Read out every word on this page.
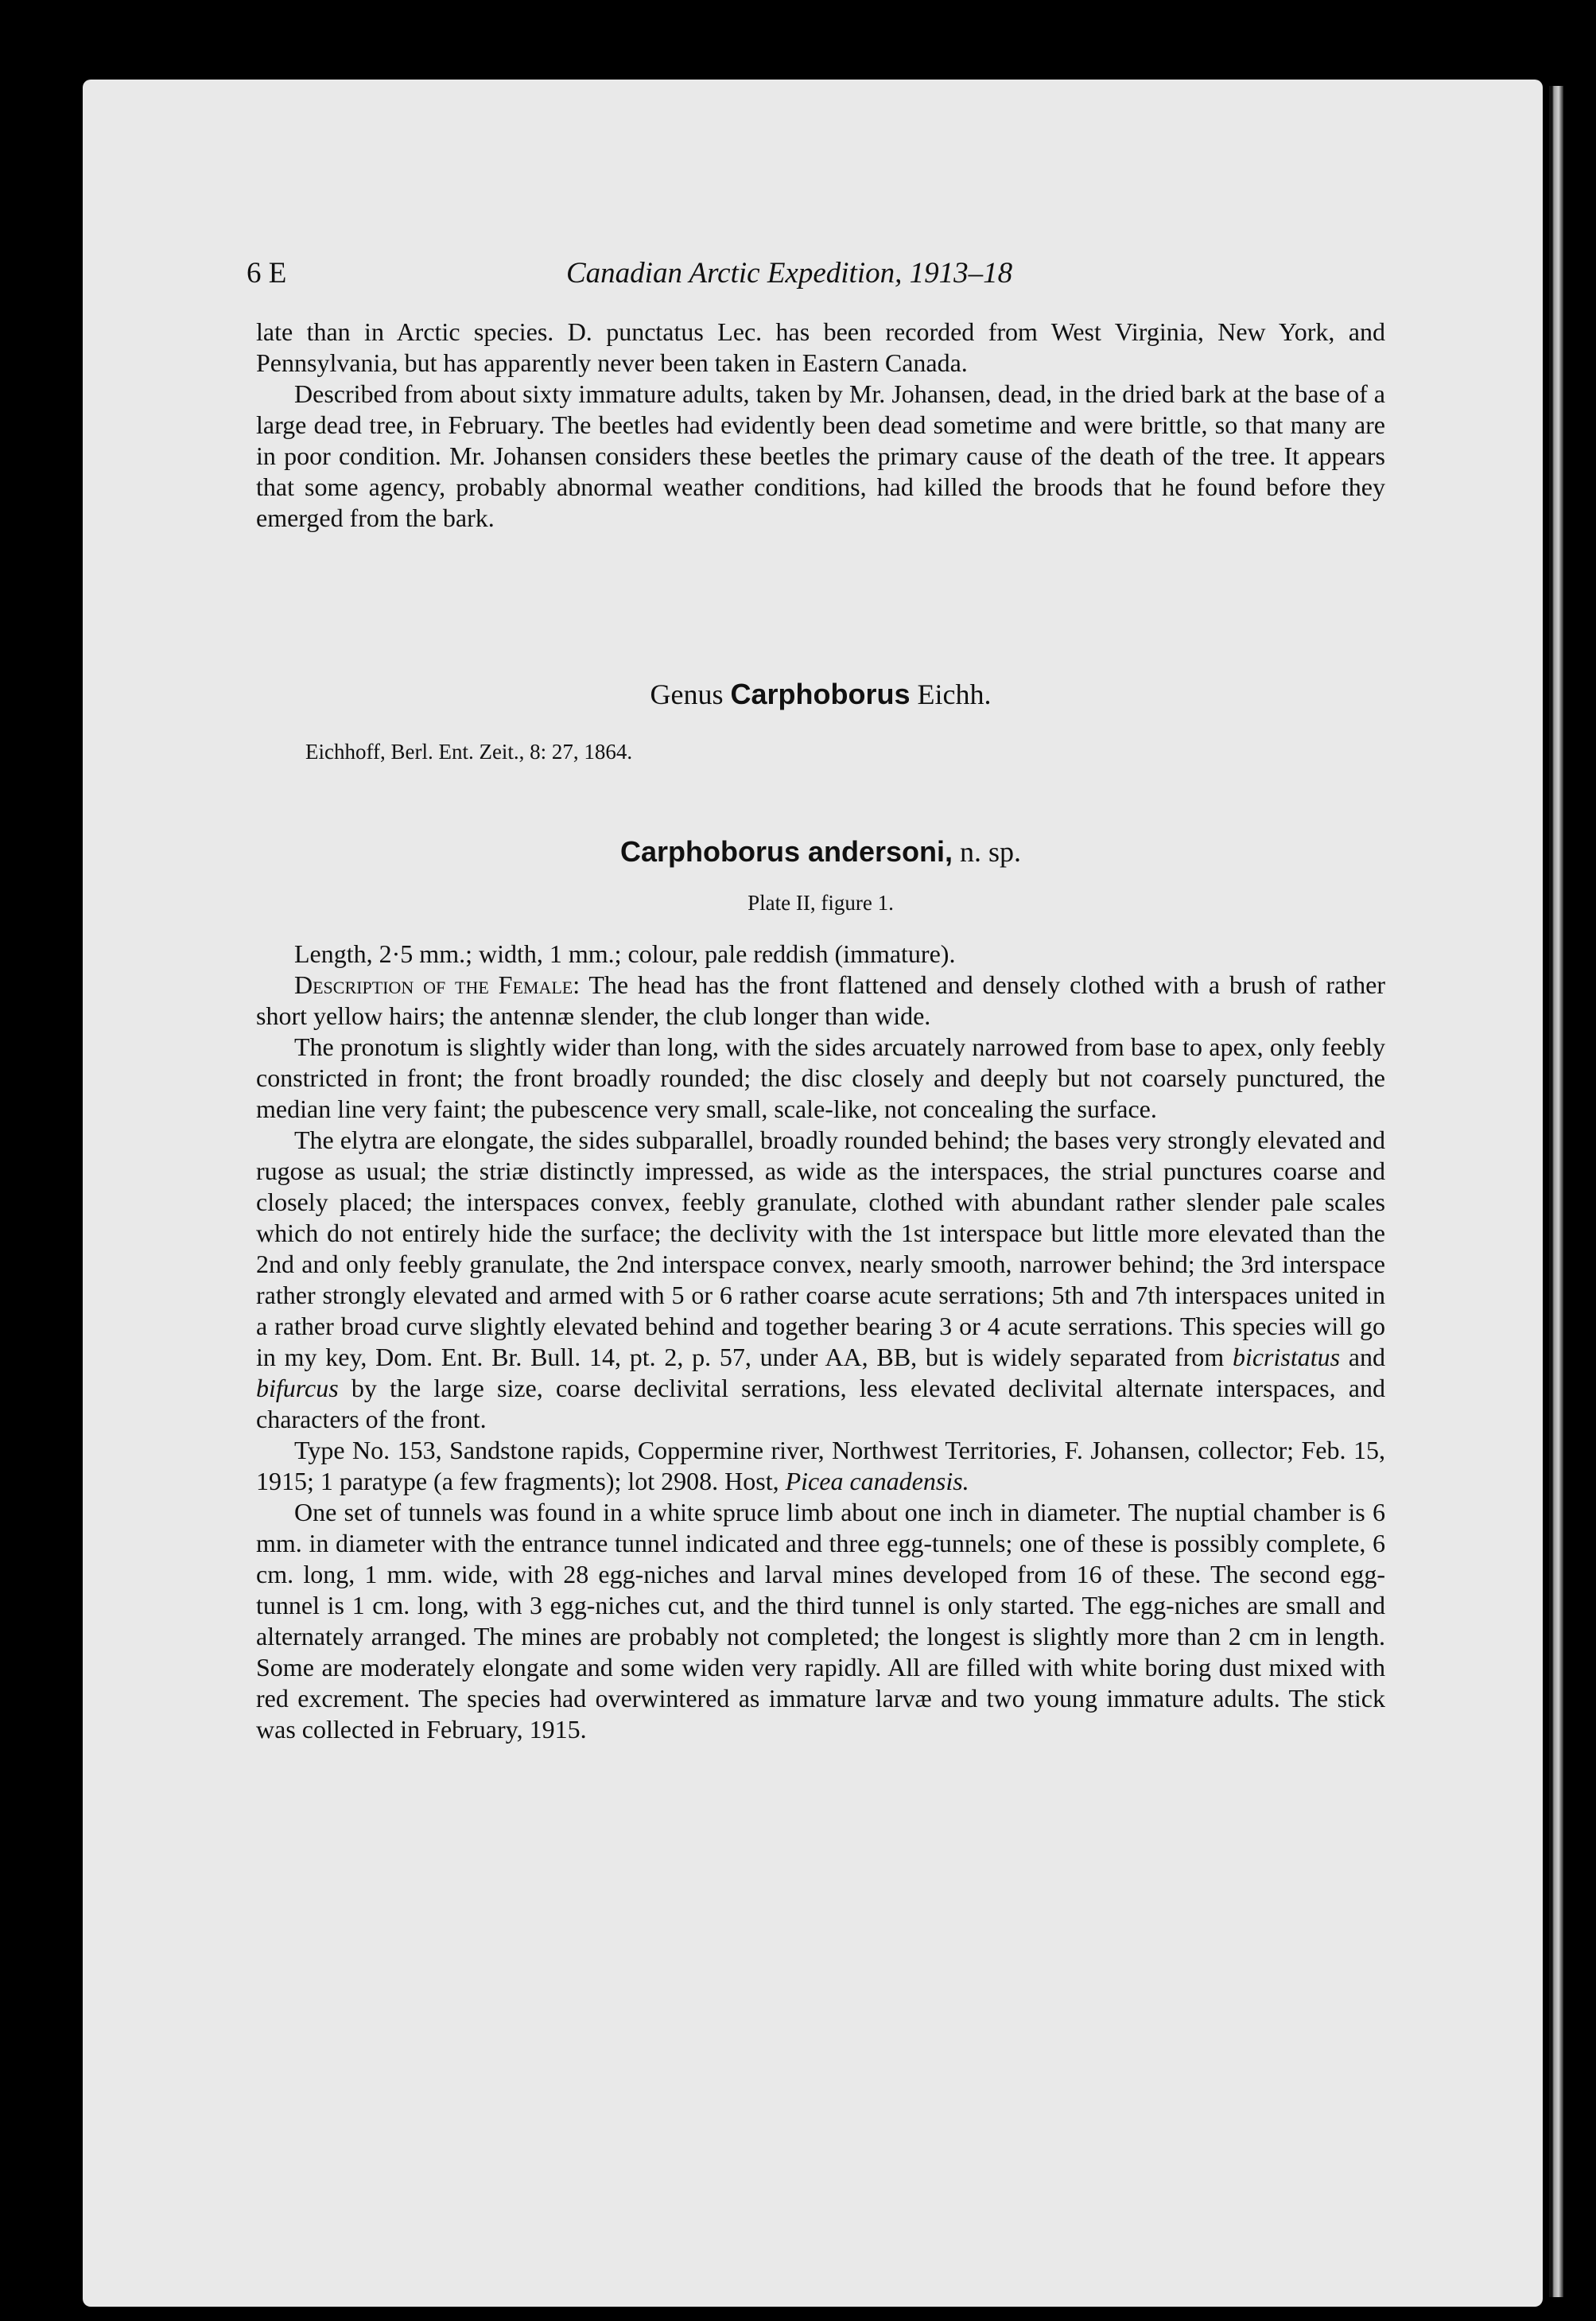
6 E	Canadian Arctic Expedition, 1913–18

late than in Arctic species. D. punctatus Lec. has been recorded from West Virginia, New York, and Pennsylvania, but has apparently never been taken in Eastern Canada.

Described from about sixty immature adults, taken by Mr. Johansen, dead, in the dried bark at the base of a large dead tree, in February. The beetles had evidently been dead sometime and were brittle, so that many are in poor condition. Mr. Johansen considers these beetles the primary cause of the death of the tree. It appears that some agency, probably abnormal weather conditions, had killed the broods that he found before they emerged from the bark.

Genus Carphoborus Eichh.
Eichhoff, Berl. Ent. Zeit., 8: 27, 1864.
Carphoborus andersoni, n. sp.
Plate II, figure 1.

Length, 2·5 mm.; width, 1 mm.; colour, pale reddish (immature).

Description of the Female: The head has the front flattened and densely clothed with a brush of rather short yellow hairs; the antennæ slender, the club longer than wide.

The pronotum is slightly wider than long, with the sides arcuately narrowed from base to apex, only feebly constricted in front; the front broadly rounded; the disc closely and deeply but not coarsely punctured, the median line very faint; the pubescence very small, scale-like, not concealing the surface.

The elytra are elongate, the sides subparallel, broadly rounded behind; the bases very strongly elevated and rugose as usual; the striæ distinctly impressed, as wide as the interspaces, the strial punctures coarse and closely placed; the interspaces convex, feebly granulate, clothed with abundant rather slender pale scales which do not entirely hide the surface; the declivity with the 1st interspace but little more elevated than the 2nd and only feebly granulate, the 2nd interspace convex, nearly smooth, narrower behind; the 3rd interspace rather strongly elevated and armed with 5 or 6 rather coarse acute serrations; 5th and 7th interspaces united in a rather broad curve slightly elevated behind and together bearing 3 or 4 acute serrations. This species will go in my key, Dom. Ent. Br. Bull. 14, pt. 2, p. 57, under AA, BB, but is widely separated from bicristatus and bifurcus by the large size, coarse declivital serrations, less elevated declivital alternate interspaces, and characters of the front.

Type No. 153, Sandstone rapids, Coppermine river, Northwest Territories, F. Johansen, collector; Feb. 15, 1915; 1 paratype (a few fragments); lot 2908. Host, Picea canadensis.

One set of tunnels was found in a white spruce limb about one inch in diameter. The nuptial chamber is 6 mm. in diameter with the entrance tunnel indicated and three egg-tunnels; one of these is possibly complete, 6 cm. long, 1 mm. wide, with 28 egg-niches and larval mines developed from 16 of these. The second egg-tunnel is 1 cm. long, with 3 egg-niches cut, and the third tunnel is only started. The egg-niches are small and alternately arranged. The mines are probably not completed; the longest is slightly more than 2 cm in length. Some are moderately elongate and some widen very rapidly. All are filled with white boring dust mixed with red excrement. The species had overwintered as immature larvæ and two young immature adults. The stick was collected in February, 1915.
